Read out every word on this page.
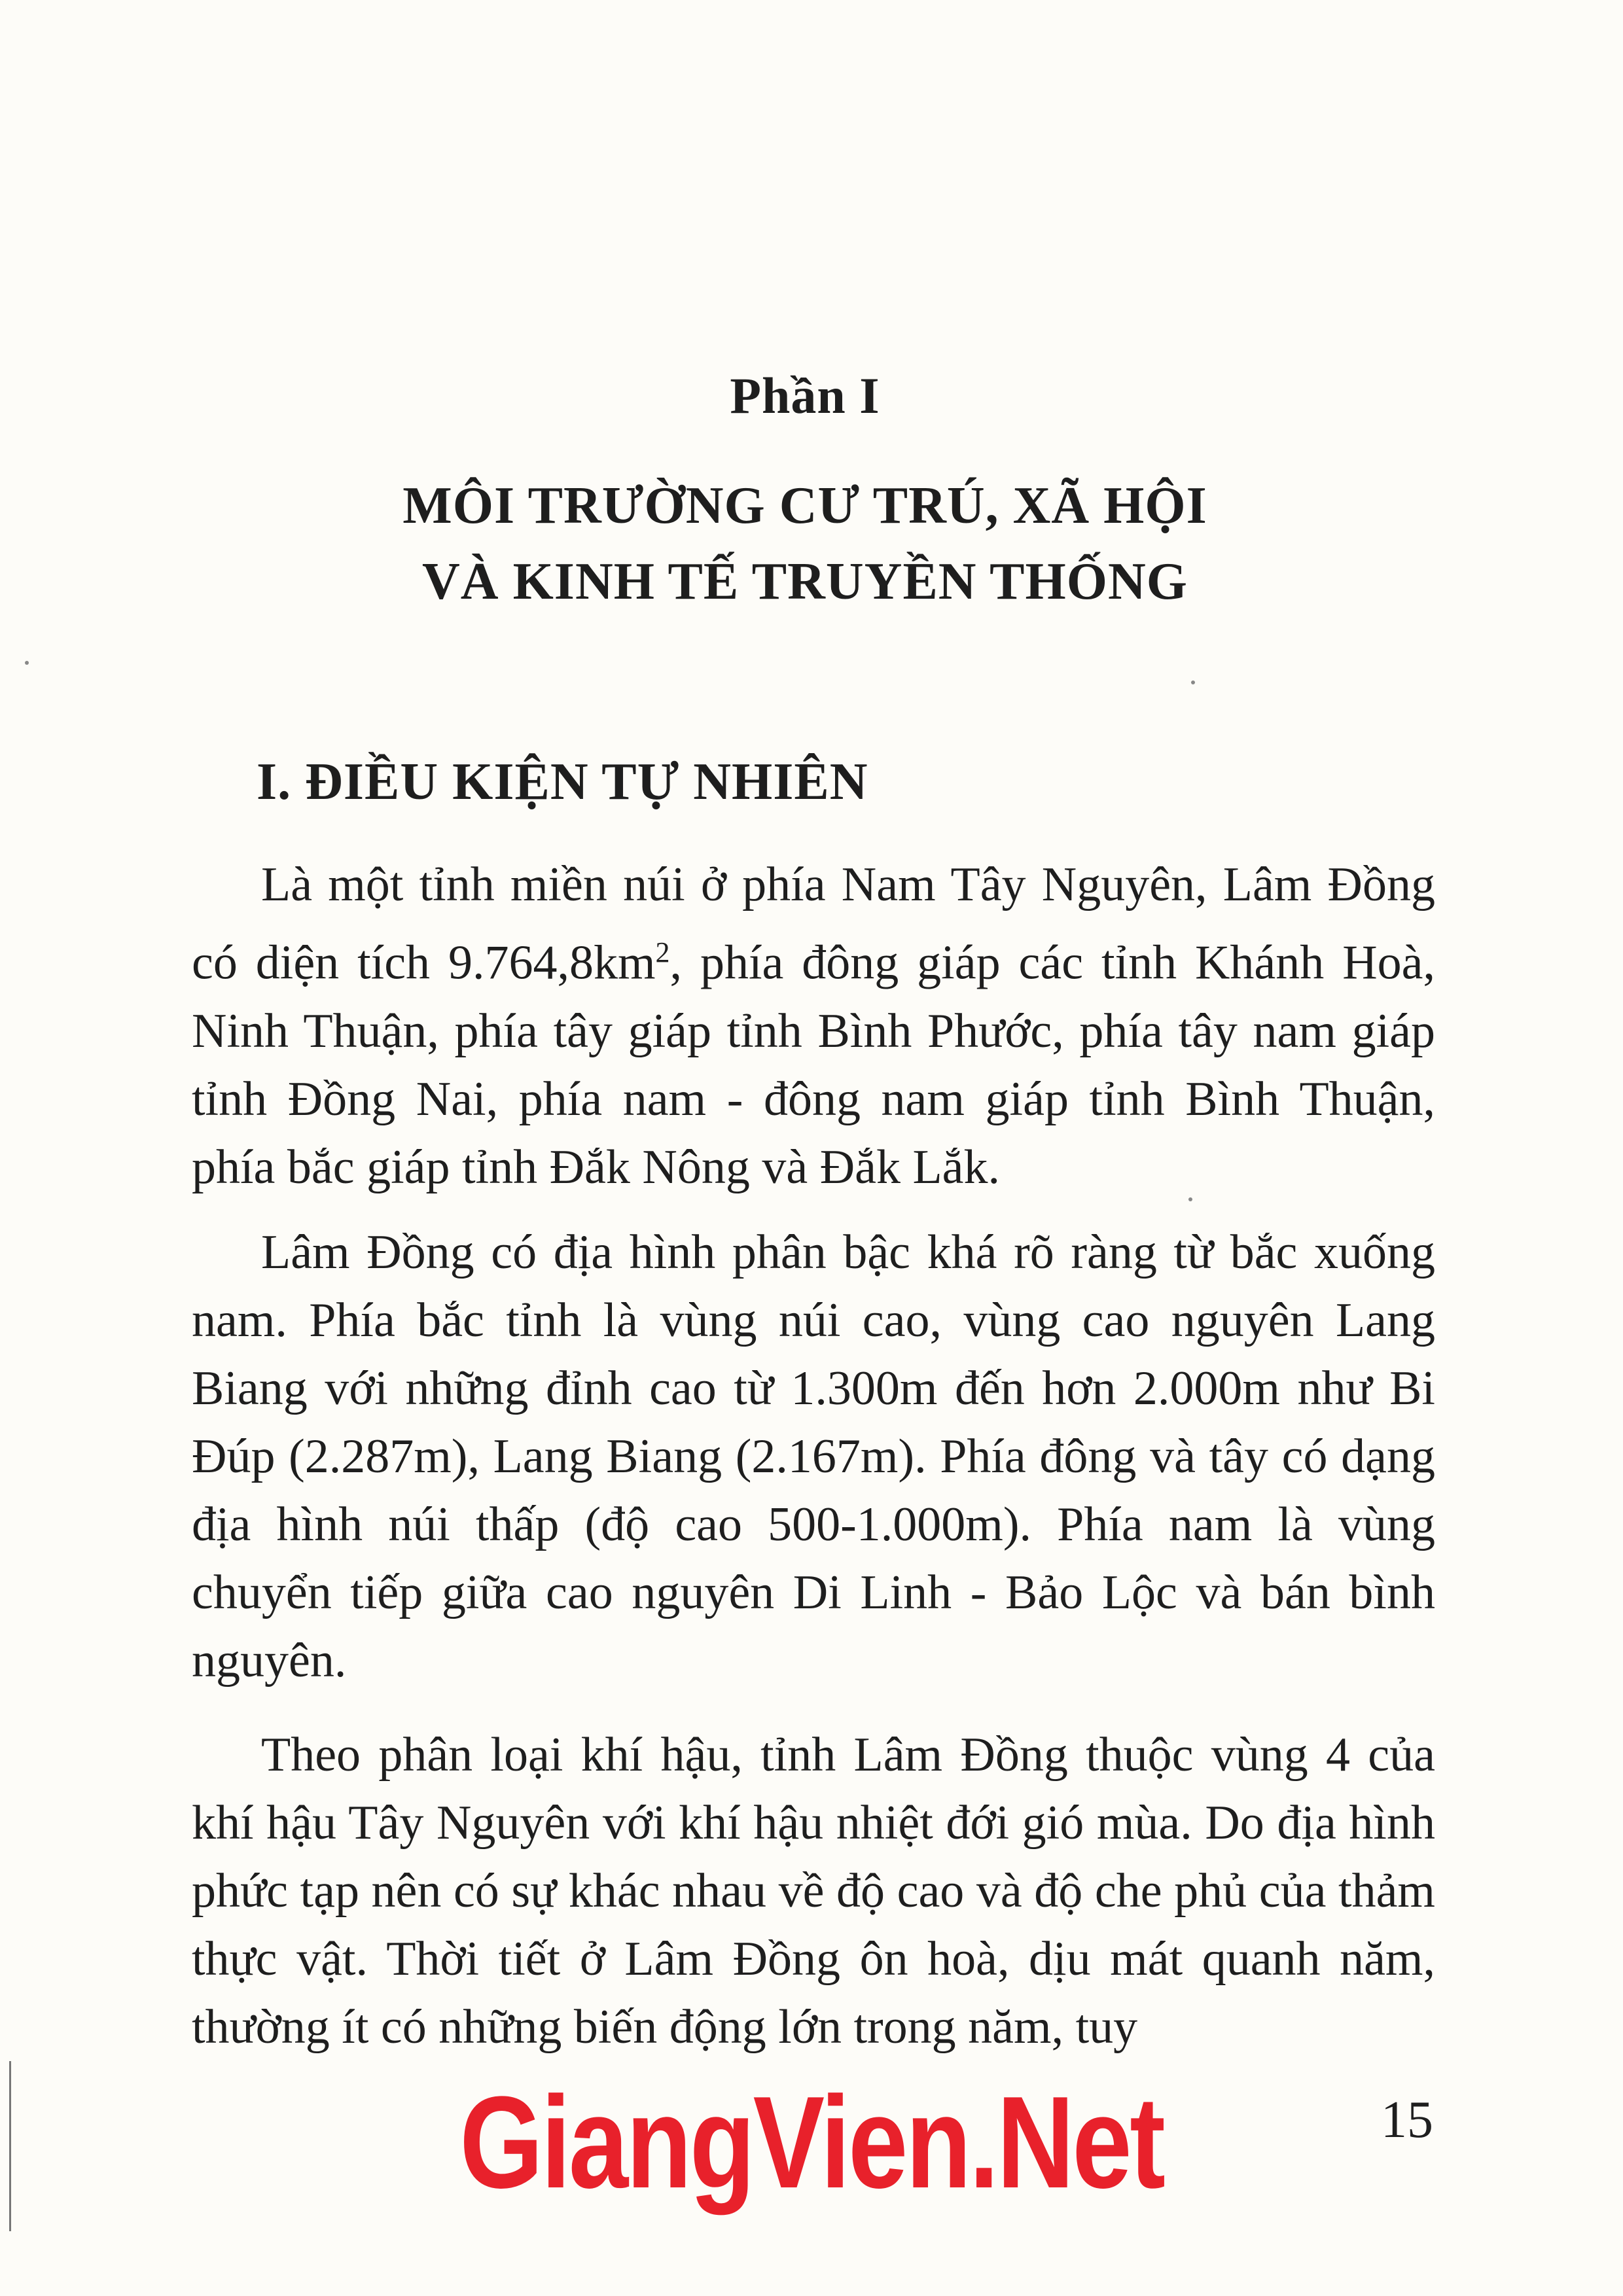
Phần I
MÔI TRƯỜNG CƯ TRÚ, XÃ HỘI
VÀ KINH TẾ TRUYỀN THỐNG
I. ĐIỀU KIỆN TỰ NHIÊN

Là một tỉnh miền núi ở phía Nam Tây Nguyên, Lâm Đồng có diện tích $9.764,8km^2$, phía đông giáp các tỉnh Khánh Hoà, Ninh Thuận, phía tây giáp tỉnh Bình Phước, phía tây nam giáp tỉnh Đồng Nai, phía nam - đông nam giáp tỉnh Bình Thuận, phía bắc giáp tỉnh Đắk Nông và Đắk Lắk.

Lâm Đồng có địa hình phân bậc khá rõ ràng từ bắc xuống nam. Phía bắc tỉnh là vùng núi cao, vùng cao nguyên Lang Biang với những đỉnh cao từ 1.300m đến hơn 2.000m như Bi Đúp (2.287m), Lang Biang (2.167m). Phía đông và tây có dạng địa hình núi thấp (độ cao 500-1.000m). Phía nam là vùng chuyển tiếp giữa cao nguyên Di Linh - Bảo Lộc và bán bình nguyên.

Theo phân loại khí hậu, tỉnh Lâm Đồng thuộc vùng 4 của khí hậu Tây Nguyên với khí hậu nhiệt đới gió mùa. Do địa hình phức tạp nên có sự khác nhau về độ cao và độ che phủ của thảm thực vật. Thời tiết ở Lâm Đồng ôn hoà, dịu mát quanh năm, thường ít có những biến động lớn trong năm, tuy

GiangVien.Net	15
